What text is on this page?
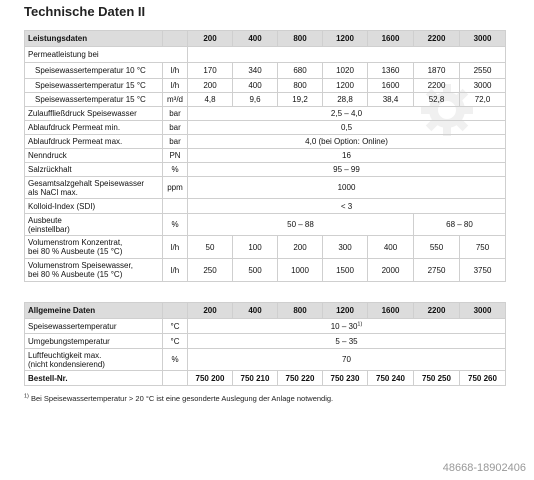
Technische Daten II
Leistungsdaten		200	400	800	1200	1600	2200	3000
Permeatleistung bei								
Speisewassertemperatur 10 °C	l/h	170	340	680	1020	1360	1870	2550
Speisewassertemperatur 15 °C	l/h	200	400	800	1200	1600	2200	3000
Speisewassertemperatur 15 °C	m³/d	4,8	9,6	19,2	28,8	38,4	52,8	72,0
Zulauffließdruck Speisewasser	bar	2,5 – 4,0						
Ablaufdruck Permeat min.	bar	0,5						
Ablaufdruck Permeat max.	bar	4,0 (bei Option: Online)						
Nenndruck	PN	16						
Salzrückhalt	%	95 – 99						
Gesamtsalzgehalt Speisewasser
als NaCl max.	ppm	1000						
Kolloid-Index (SDI)		< 3						
Ausbeute
(einstellbar)	%	50 – 88					68 – 80	
Volumenstrom Konzentrat,
bei 80 % Ausbeute (15 °C)	l/h	50	100	200	300	400	550	750
Volumenstrom Speisewasser,
bei 80 % Ausbeute (15 °C)	l/h	250	500	1000	1500	2000	2750	3750
Allgemeine Daten		200	400	800	1200	1600	2200	3000
Speisewassertemperatur	°C	10 – 30$^{1)}$
Umgebungstemperatur	°C	5 – 35						
Luftfeuchtigkeit max.
(nicht kondensierend)	%	70						
Bestell-Nr.		750 200	750 210	750 220	750 230	750 240	750 250	750 260
$^{1)}$ Bei Speisewassertemperatur > 20 °C ist eine gesonderte Auslegung der Anlage notwendig.
48668-18902406
